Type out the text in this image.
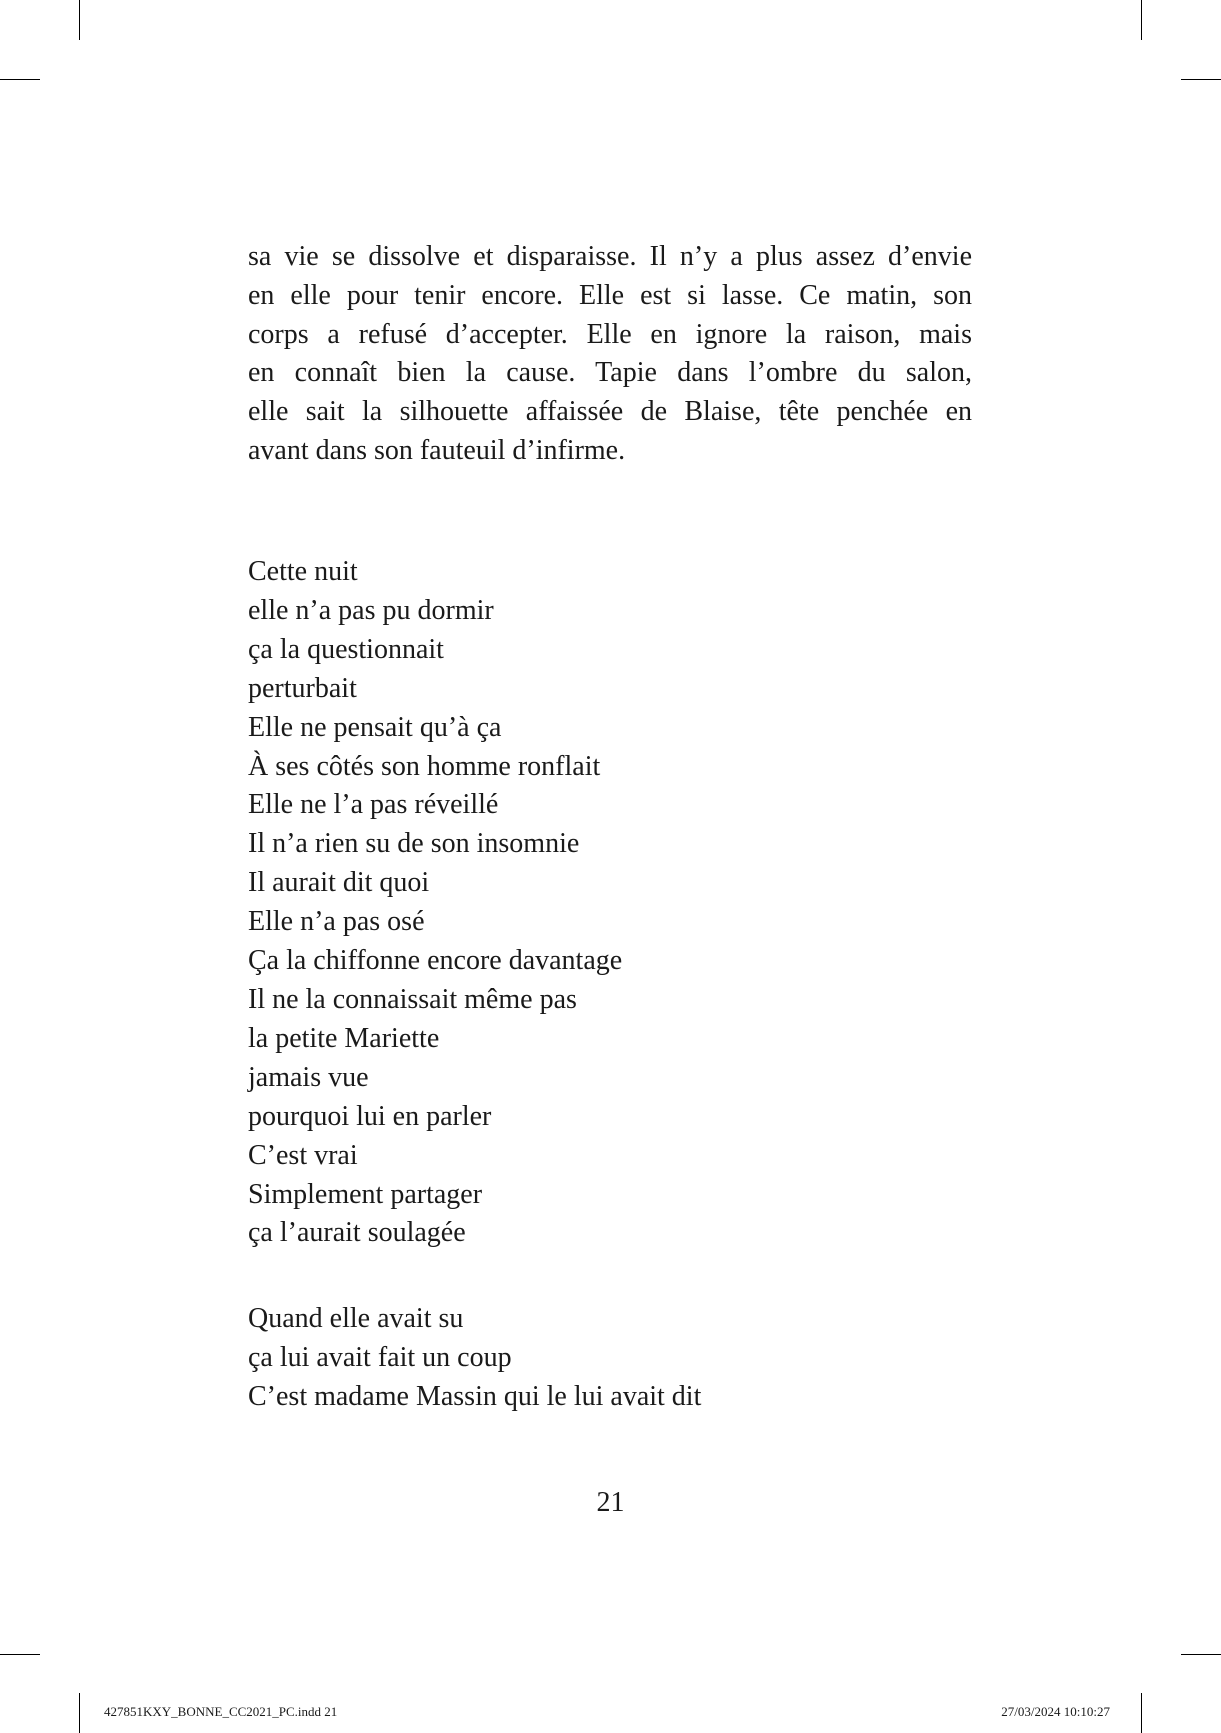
sa vie se dissolve et disparaisse. Il n’y a plus assez d’envie
en elle pour tenir encore. Elle est si lasse. Ce matin, son
corps a refusé d’accepter. Elle en ignore la raison, mais
en connaît bien la cause. Tapie dans l’ombre du salon,
elle sait la silhouette affaissée de Blaise, tête penchée en
avant dans son fauteuil d’infirme.
Cette nuit
elle n’a pas pu dormir
ça la questionnait
perturbait
Elle ne pensait qu’à ça
À ses côtés son homme ronflait
Elle ne l’a pas réveillé
Il n’a rien su de son insomnie
Il aurait dit quoi
Elle n’a pas osé
Ça la chiffonne encore davantage
Il ne la connaissait même pas
la petite Mariette
jamais vue
pourquoi lui en parler
C’est vrai
Simplement partager
ça l’aurait soulagée
Quand elle avait su
ça lui avait fait un coup
C’est madame Massin qui le lui avait dit
21
427851KXY_BONNE_CC2021_PC.indd 21	27/03/2024 10:10:27
